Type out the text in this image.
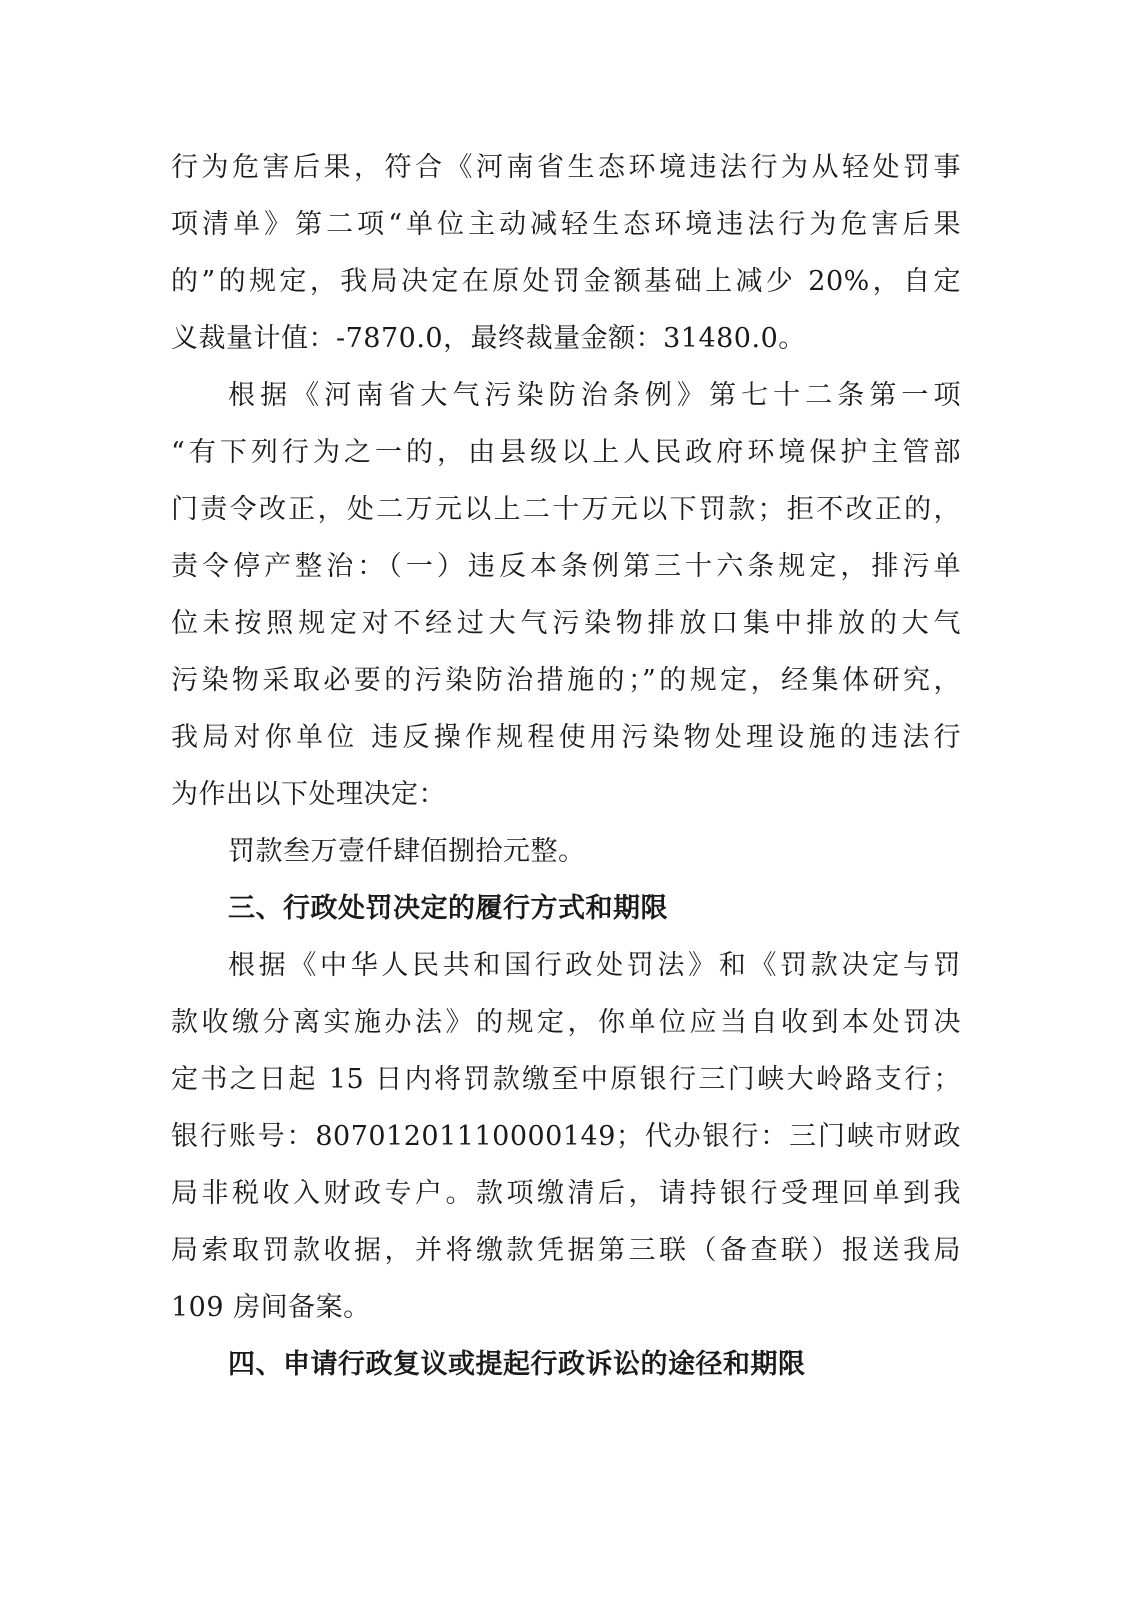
行为危害后果，符合《河南省生态环境违法行为从轻处罚事
项清单》第二项“单位主动减轻生态环境违法行为危害后果
的”的规定，我局决定在原处罚金额基础上减少 20%，自定
义裁量计值：-7870.0，最终裁量金额：31480.0。
根据《河南省大气污染防治条例》第七十二条第一项
“有下列行为之一的，由县级以上人民政府环境保护主管部
门责令改正，处二万元以上二十万元以下罚款；拒不改正的，
责令停产整治：（一）违反本条例第三十六条规定，排污单
位未按照规定对不经过大气污染物排放口集中排放的大气
污染物采取必要的污染防治措施的；”的规定，经集体研究，
我局对你单位 违反操作规程使用污染物处理设施的违法行
为作出以下处理决定：
罚款叁万壹仟肆佰捌拾元整。
三、行政处罚决定的履行方式和期限
根据《中华人民共和国行政处罚法》和《罚款决定与罚
款收缴分离实施办法》的规定，你单位应当自收到本处罚决
定书之日起 15 日内将罚款缴至中原银行三门峡大岭路支行；
银行账号：80701201110000149；代办银行：三门峡市财政
局非税收入财政专户。款项缴清后，请持银行受理回单到我
局索取罚款收据，并将缴款凭据第三联（备查联）报送我局
109 房间备案。
四、申请行政复议或提起行政诉讼的途径和期限
